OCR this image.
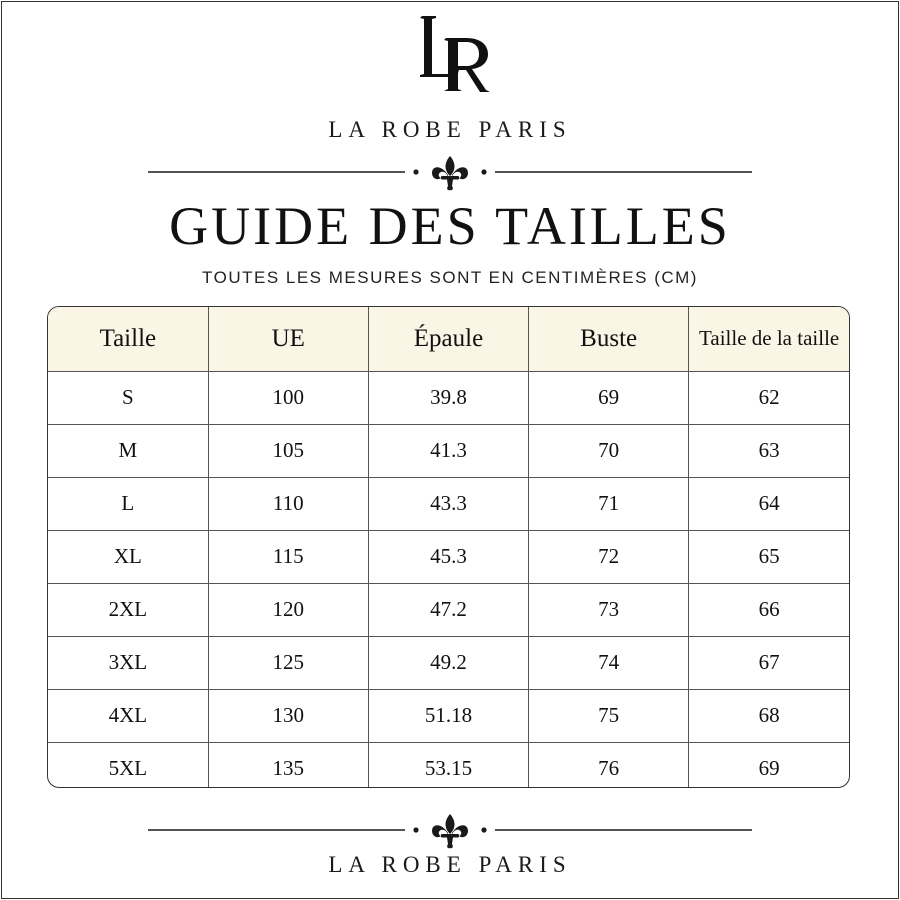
LA ROBE PARIS
GUIDE DES TAILLES
TOUTES LES MESURES SONT EN CENTIMÈRES (CM)
Taille	UE	Épaule	Buste	Taille de la taille
S	100	39.8	69	62
M	105	41.3	70	63
L	110	43.3	71	64
XL	115	45.3	72	65
2XL	120	47.2	73	66
3XL	125	49.2	74	67
4XL	130	51.18	75	68
5XL	135	53.15	76	69
LA ROBE PARIS
